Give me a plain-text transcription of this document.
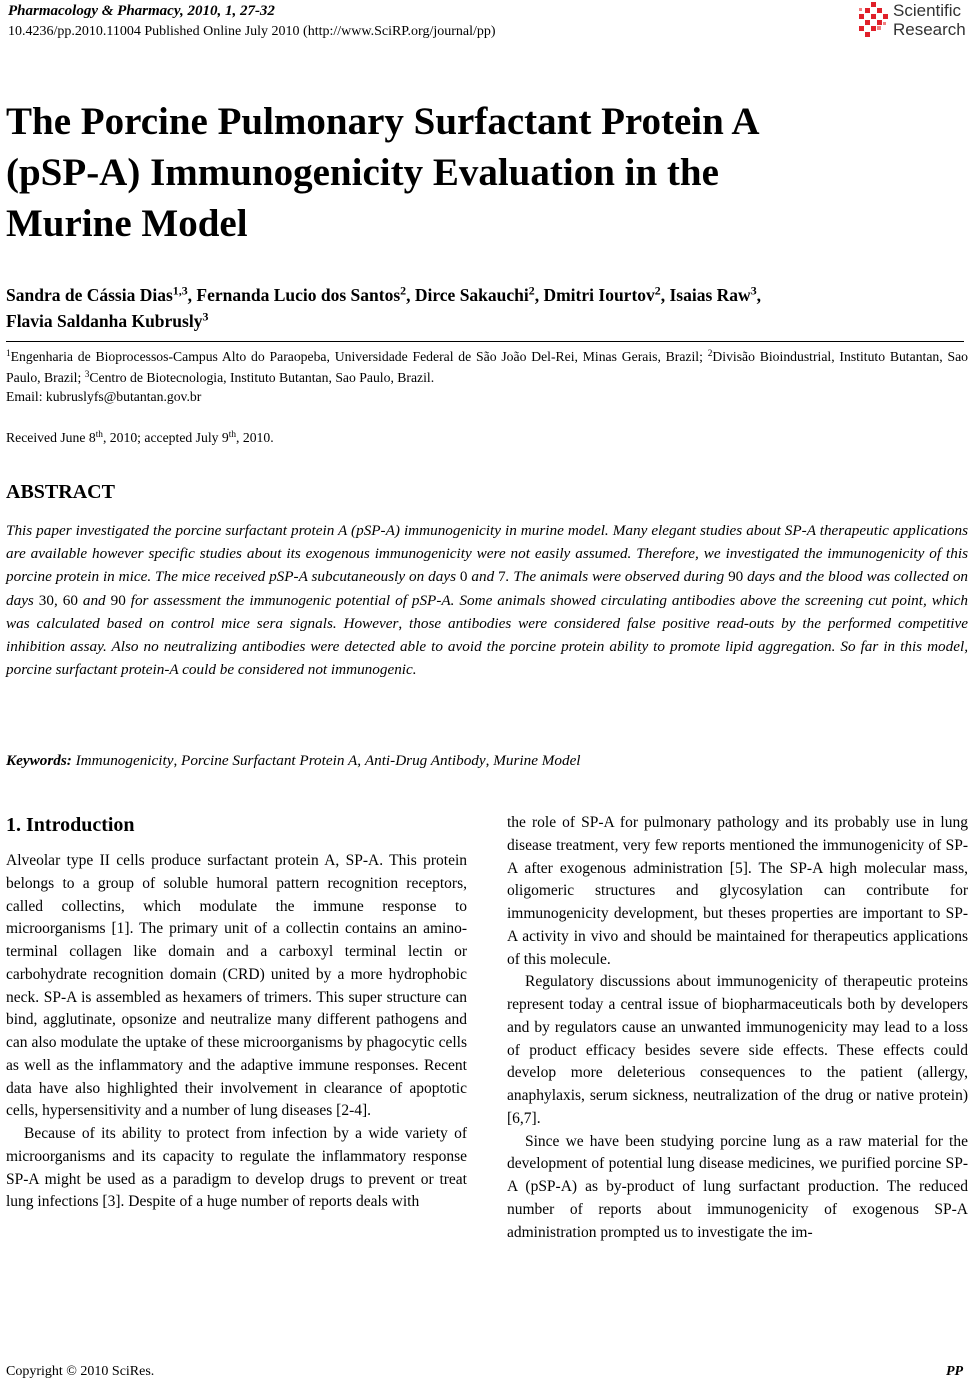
Pharmacology & Pharmacy, 2010, 1, 27-32
10.4236/pp.2010.11004 Published Online July 2010 (http://www.SciRP.org/journal/pp)
Scientific
Research
The Porcine Pulmonary Surfactant Protein A
(pSP-A) Immunogenicity Evaluation in the
Murine Model
Sandra de Cássia Dias$^{1,3}$, Fernanda Lucio dos Santos$^2$, Dirce Sakauchi$^2$, Dmitri Iourtov$^2$, Isaias Raw$^3$,
Flavia Saldanha Kubrusly$^3$
$^1$Engenharia de Bioprocessos-Campus Alto do Paraopeba, Universidade Federal de São João Del-Rei, Minas Gerais, Brazil; $^2$Divisão Bioindustrial, Instituto Butantan, Sao Paulo, Brazil; $^3$Centro de Biotecnologia, Instituto Butantan, Sao Paulo, Brazil.
Email: kubruslyfs@butantan.gov.br
Received June 8th, 2010; accepted July 9th, 2010.
ABSTRACT
This paper investigated the porcine surfactant protein A (pSP-A) immunogenicity in murine model. Many elegant studies about SP-A therapeutic applications are available however specific studies about its exogenous immunogenicity were not easily assumed. Therefore, we investigated the immunogenicity of this porcine protein in mice. The mice received pSP-A subcutaneously on days 0 and 7. The animals were observed during 90 days and the blood was collected on days 30, 60 and 90 for assessment the immunogenic potential of pSP-A. Some animals showed circulating antibodies above the screening cut point, which was calculated based on control mice sera signals. However, those antibodies were considered false positive read-outs by the performed competitive inhibition assay. Also no neutralizing antibodies were detected able to avoid the porcine protein ability to promote lipid aggregation. So far in this model, porcine surfactant protein-A could be considered not immunogenic.
Keywords: Immunogenicity, Porcine Surfactant Protein A, Anti-Drug Antibody, Murine Model
1. Introduction

Alveolar type II cells produce surfactant protein A, SP-A. This protein belongs to a group of soluble humoral pattern recognition receptors, called collectins, which modulate the immune response to microorganisms [1]. The primary unit of a collectin contains an amino-terminal collagen like domain and a carboxyl terminal lectin or carbohydrate recognition domain (CRD) united by a more hydrophobic neck. SP-A is assembled as hexamers of trimers. This super structure can bind, agglutinate, opsonize and neutralize many different pathogens and can also modulate the uptake of these microorganisms by phagocytic cells as well as the inflammatory and the adaptive immune responses. Recent data have also highlighted their involvement in clearance of apoptotic cells, hypersensitivity and a number of lung diseases [2-4].

Because of its ability to protect from infection by a wide variety of microorganisms and its capacity to regulate the inflammatory response SP-A might be used as a paradigm to develop drugs to prevent or treat lung infections [3]. Despite of a huge number of reports deals with

the role of SP-A for pulmonary pathology and its probably use in lung disease treatment, very few reports mentioned the immunogenicity of SP-A after exogenous administration [5]. The SP-A high molecular mass, oligomeric structures and glycosylation can contribute for immunogenicity development, but theses properties are important to SP-A activity in vivo and should be maintained for therapeutics applications of this molecule.

Regulatory discussions about immunogenicity of therapeutic proteins represent today a central issue of biopharmaceuticals both by developers and by regulators cause an unwanted immunogenicity may lead to a loss of product efficacy besides severe side effects. These effects could develop more deleterious consequences to the patient (allergy, anaphylaxis, serum sickness, neutralization of the drug or native protein) [6,7].

Since we have been studying porcine lung as a raw material for the development of potential lung disease medicines, we purified porcine SP-A (pSP-A) as by-product of lung surfactant production. The reduced number of reports about immunogenicity of exogenous SP-A administration prompted us to investigate the im-

Copyright © 2010 SciRes.	PP
